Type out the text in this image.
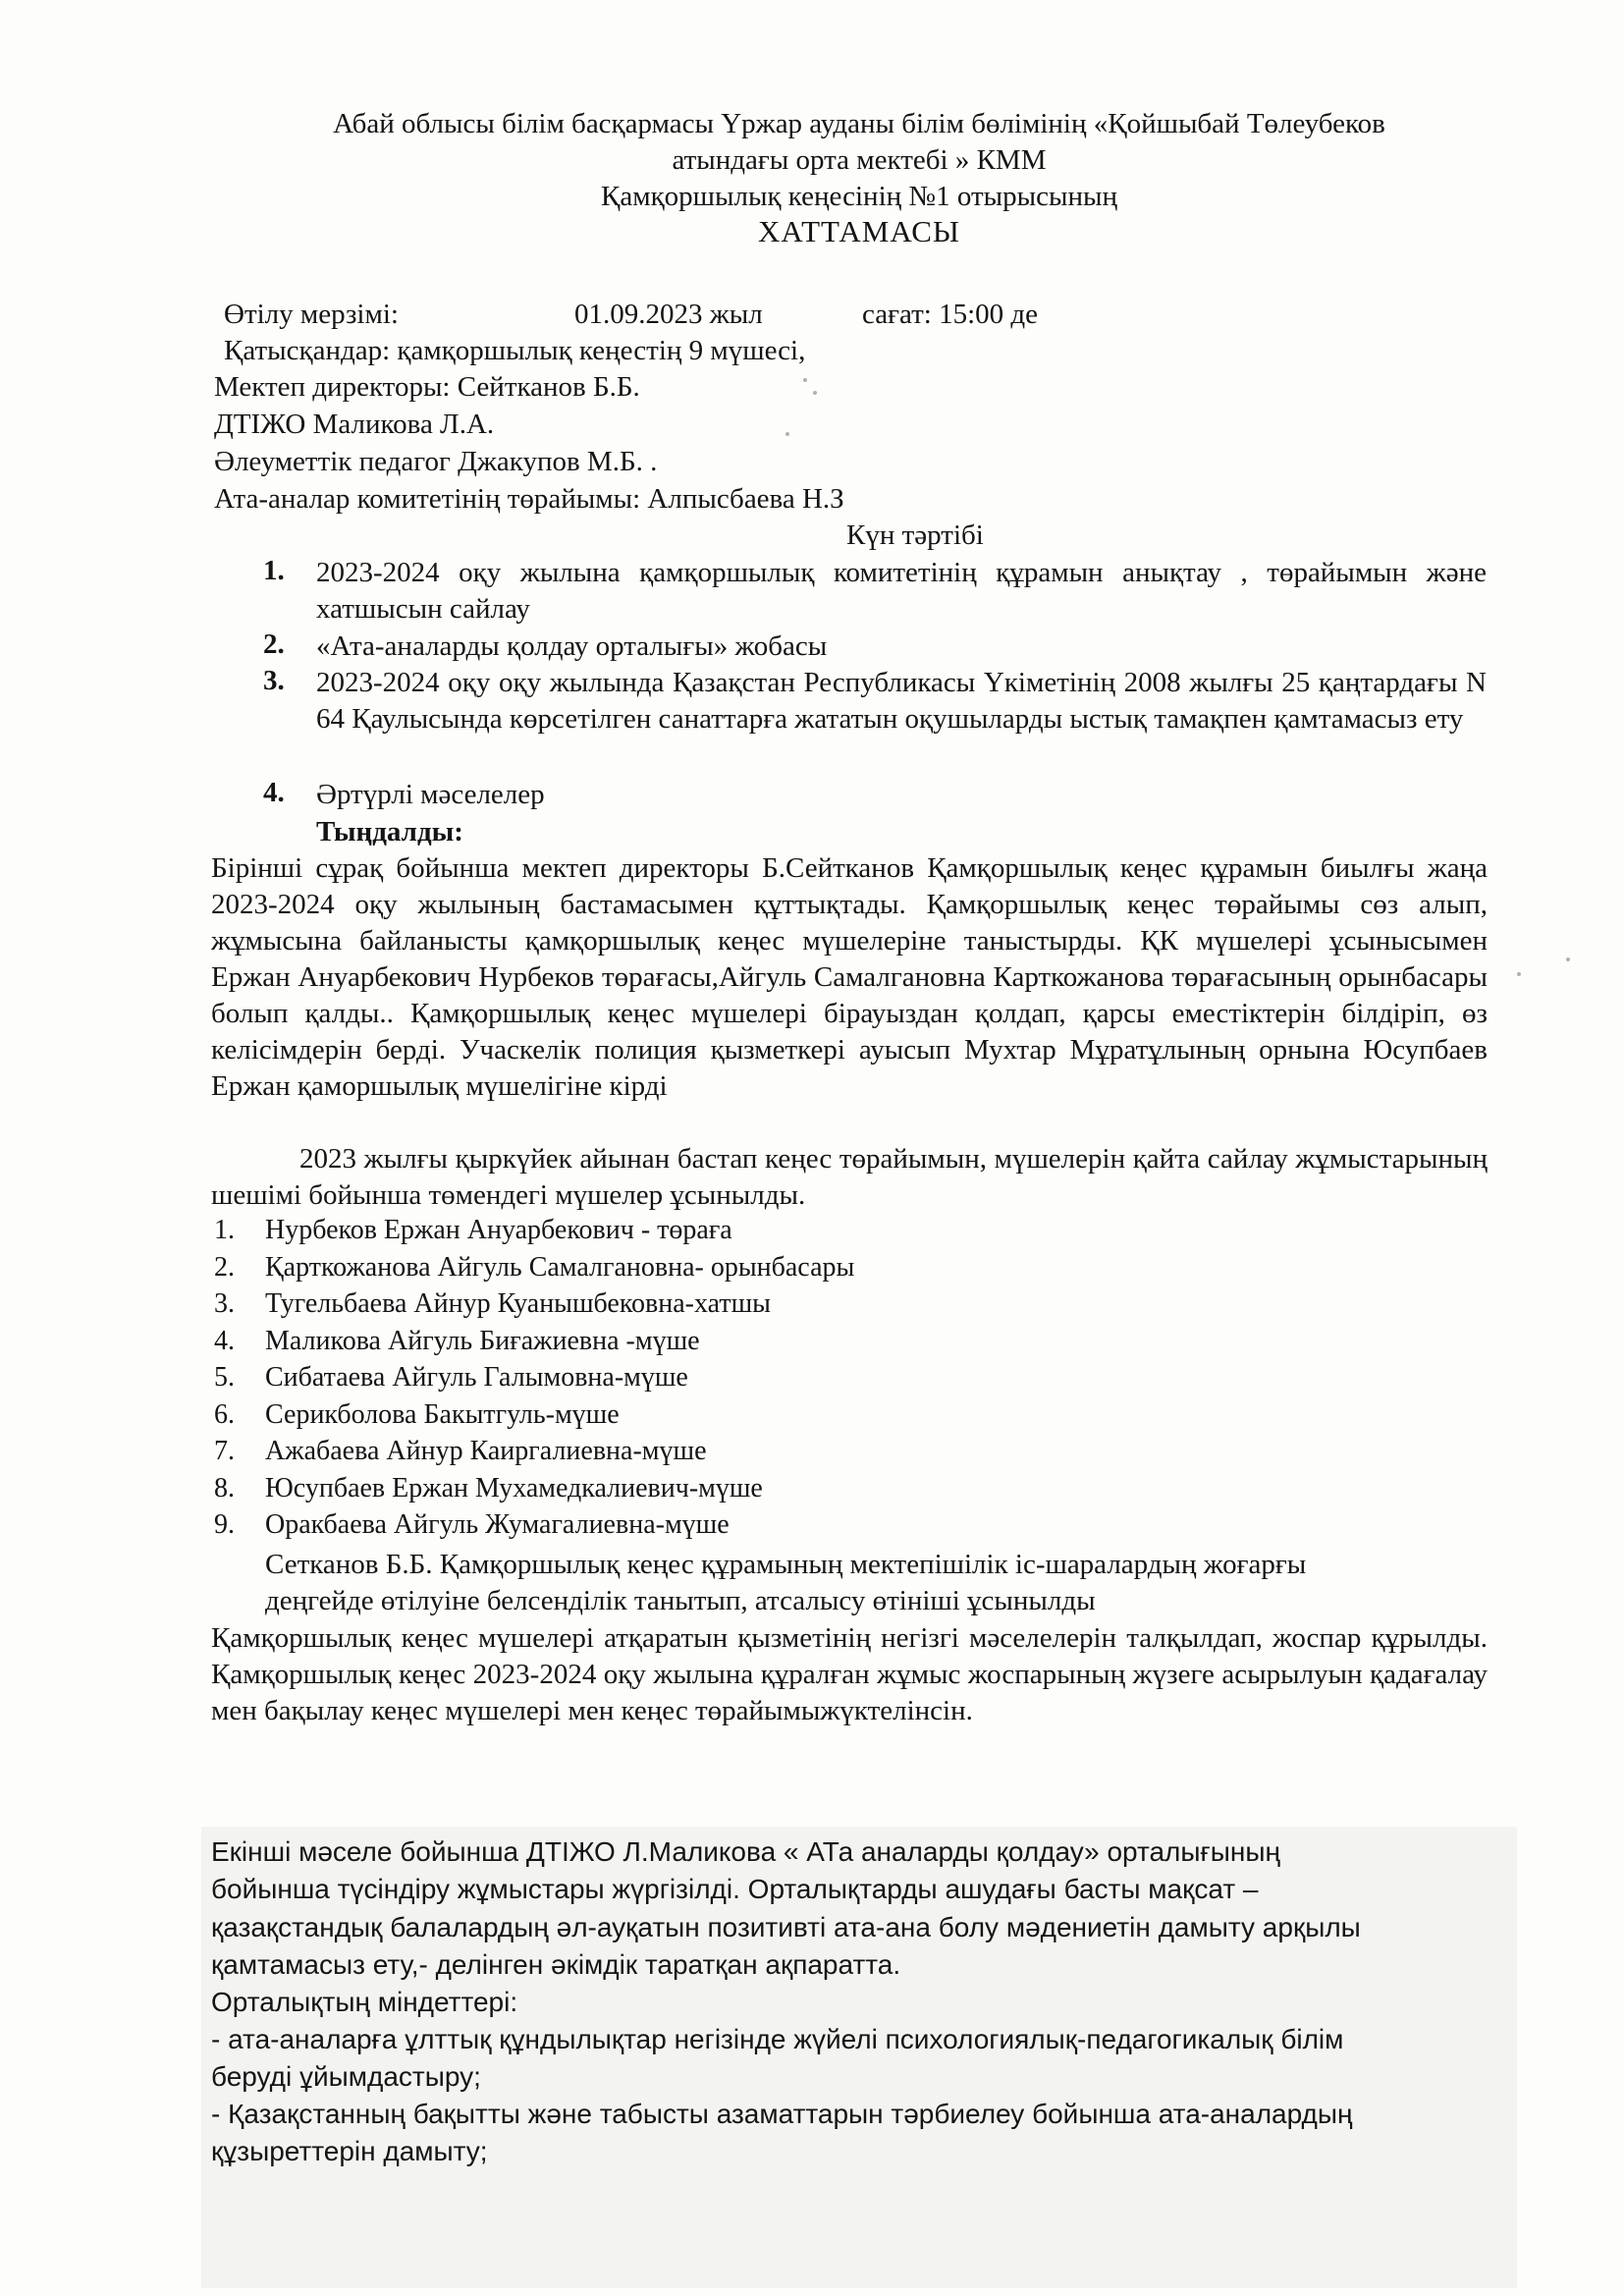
Абай облысы білім басқармасы Үржар ауданы білім бөлімінің «Қойшыбай Төлеубеков
атындағы орта мектебі » КММ
Қамқоршылық кеңесінің №1 отырысының
ХАТТАМАСЫ
Өтілу мерзімі:	01.09.2023 жыл	сағат: 15:00 де
Қатысқандар: қамқоршылық кеңестің 9 мүшесі,
Мектеп директоры: Сейтканов Б.Б.
ДТІЖО Маликова Л.А.
Әлеуметтік педагог Джакупов М.Б. .
Ата-аналар комитетінің төрайымы: Алпысбаева Н.З
Күн тәртібі
1. 2023-2024 оқу жылына қамқоршылық комитетінің құрамын анықтау , төрайымын және хатшысын сайлау
2. «Ата-аналарды қолдау орталығы» жобасы
3. 2023-2024 оқу оқу жылында Қазақстан Республикасы Үкіметінің 2008 жылғы 25 қаңтардағы N 64 Қаулысында көрсетілген санаттарға жататын оқушыларды ыстық тамақпен қамтамасыз ету
4. Әртүрлі мәселелер
Тыңдалды:
Бірінші сұрақ бойынша мектеп директоры Б.Сейтканов Қамқоршылық кеңес құрамын биылғы жаңа 2023-2024 оқу жылының бастамасымен құттықтады. Қамқоршылық кеңес төрайымы сөз алып, жұмысына байланысты қамқоршылық кеңес мүшелеріне таныстырды. ҚК мүшелері ұсынысымен Ержан Ануарбекович Нурбеков төрағасы,Айгуль Самалгановна Карткожанова төрағасының орынбасары болып қалды.. Қамқоршылық кеңес мүшелері бірауыздан қолдап, қарсы еместіктерін білдіріп, өз келісімдерін берді. Учаскелік полиция қызметкері ауысып Мухтар Мұратұлының орнына Юсупбаев Ержан қаморшылық мүшелігіне кірді
2023 жылғы қыркүйек айынан бастап кеңес төрайымын, мүшелерін қайта сайлау жұмыстарының шешімі бойынша төмендегі мүшелер ұсынылды.
1. Нурбеков Ержан Ануарбекович - төраға
2. Қарткожанова Айгуль Самалгановна- орынбасары
3. Тугельбаева Айнур Куанышбековна-хатшы
4. Маликова Айгуль Биғажиевна -мүше
5. Сибатаева Айгуль Галымовна-мүше
6. Серикболова Бакытгуль-мүше
7. Ажабаева Айнур Каиргалиевна-мүше
8. Юсупбаев Ержан Мухамедкалиевич-мүше
9. Оракбаева Айгуль Жумагалиевна-мүше
Сетканов Б.Б. Қамқоршылық кеңес құрамының мектепішілік іс-шаралардың жоғарғы
деңгейде өтілуіне белсенділік танытып, атсалысу өтініші ұсынылды
Қамқоршылық кеңес мүшелері атқаратын қызметінің негізгі мәселелерін талқылдап, жоспар құрылды. Қамқоршылық кеңес 2023-2024 оқу жылына құралған жұмыс жоспарының жүзеге асырылуын қадағалау мен бақылау кеңес мүшелері мен кеңес төрайымыжүктелінсін.
Екінші мәселе бойынша ДТІЖО Л.Маликова « АТа аналарды қолдау» орталығының
бойынша түсіндіру жұмыстары жүргізілді. Орталықтарды ашудағы басты мақсат –
қазақстандық балалардың әл-ауқатын позитивті ата-ана болу мәдениетін дамыту арқылы
қамтамасыз ету,- делінген әкімдік таратқан ақпаратта.
Орталықтың міндеттері:
- ата-аналарға ұлттық құндылықтар негізінде жүйелі психологиялық-педагогикалық білім
беруді ұйымдастыру;
- Қазақстанның бақытты және табысты азаматтарын тәрбиелеу бойынша ата-аналардың
құзыреттерін дамыту;
